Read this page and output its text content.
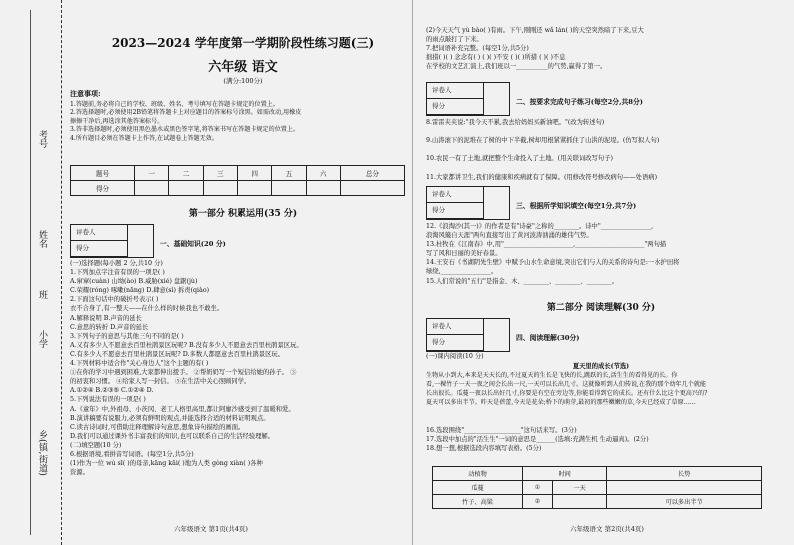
考号
姓名
班
小学
乡(镇,街道)
2023—2024 学年度第一学期阶段性练习题(三)
六年级 语文
(满分:100分)
注意事项:
1.答题前,务必将自己的学校、班级、姓名、考号填写在答题卡规定的位置上。
2.答选择题时,必须使用2B铅笔将答题卡上对应题目的答案标号涂黑。如需改动,用橡皮
擦擦干净后,再选涂其他答案标号。
3.答非选择题时,必须使用黑色墨水或黑色签字笔,将答案书写在答题卡规定的位置上。
4.所有题目必须在答题卡上作答,在试题卷上答题无效。
题号	一	二	三	四	五	六	总分
得分							
第一部分 积累运用(35 分)
评卷人
得分	一、基础知识(20 分)
(一)选择题(每小题 2 分,共10 分)
1.下列加点字注音有误的一项是( )
A.窜窜(cuàn) 山坳(ào) B.威胁(xié) 盘踞(jù)
C.荣耀(róng) 啄嗽(nāng) D.肆意(sì) 拆责(qiào)
2.下面这句话中的破折号表示( )
衣不合身了,有一整天——在什么样的时候我也不敢坐。
A.解释说明 B.声音的延长
C.意思的转折 D.声音的延长
3.下列句子的意思与其他三句不同的是( )
A.又有多少人不愿意去百里杜鹃景区玩呢? B.没有多少人不愿意去百里杜鹃景区玩。
C.有多少人不愿意去百里杜鹃景区玩呢? D.多数人都愿意去百里杜鹃景区玩。
4.下列材料中适合作"关心身边人"这个主题的有( )
①在你的学习中遇到困难,大家都伸出援手。 ②帮奶奶写一个短信给她的孙子。 ③
的初衷和习惯。 ④给家人写一封信。 ⑤在生活中关心照顾同学。
A.①②④ B.②③⑤ C.①②④ D.
5.下列说法有误的一项是( )
A.《童年》中,外祖母、小茨冈、老工人格里高里,都让阿廖沙感受到了温暖和爱。
B.演讲稿要有说服力,必须有鲜明的观点,并能选择合适的材料证明观点。
C.读古诗词时,可借助注释理解诗句意思,想象诗句描绘的画面。
D.我们可以通过课外书丰富我们的知识,也可以联系自己的生活经验理解。
(二)填空题(10 分)
6.根据语境,看拼音写词语。(每空1分,共5分)
(1)作为一位 wú sī( )的母亲,kāng kǎi( )地为人类 gòng xiàn( )各种
资源。
六年级语文 第1页(共4页)
(2)今天天气 yù bào( )有雨。下午,刚刚还 wǎ lán( )的天空突然暗了下来,豆大
的雨点敲打了下来。
7.把词语补充完整。(每空1分,共5分)
拙措( )( ) 念念有( ) ( )( )不安 ( )( )所措 ( )( )不息
在学校的文艺汇演上,我们班以一__________的气势,赢得了第一。
评卷人
得分	二、按要求完成句子练习(每空2分,共8分)
8.雷雷夹夹说:"我今天不累,我去给妈妈买新油吧。"(改为转述句)

9.山涛滚下的泥堆在了树的中下半截,树却用根紧紧抓住了山洪的泥堤。(仿写拟人句)

10.农民一有了土地,就把整个生命投入了土地。(用关联词改写句子)

11.大家都讲卫生,我们的健康和疾病就有了保障。(用修改符号修改病句——处语病)
评卷人
得分	三、根据所学知识填空(每空1分,共7分)
12.《浪淘沙(其一)》的作者是有"诗豪"之称的________。诗中"________________,
浪淘风簸自天涯"两句直接写出了黄河波涛汹涌的雄伟气势。
13.杜牧在《江南春》中,用"______________________,______________________"两句描
写了风和日丽的美好春景。
14.王安石《书湖阴先生壁》中赋予山水生命意境,突出它们与人的关系的诗句是:一水护田将
绿绕,________________。
15.人们常说的"五行"是指金、木、________、________、________。
第二部分 阅读理解(30 分)
评卷人
得分	四、阅读理解(30分)
(一)课内阅读(10 分)
夏天里的成长(节选)
生物从小到大,本来是天天长的,不过夏天的生长是飞快的长,跳跃的长,活生生的看得见的长。你
看,一棵竹子一天一夜之间会长出一尺,一天可以长出几寸。这就像听到人们传说,在我的那个幼年几个就能
长出很长。瓜蔓一夜以长出好几寸,你要是有空在旁边等,你能看得到它的成长。还有什么比这个更高兴的?
夏天可以多出半节。昨天是蓓蕾,今天是花朵;桥下的萌芽,最初的那些嫩嫩的草,今天已经成了草原……
16.选段围绕"__________________"这句话来写。(3分)
17.选段中加点的"活生生"一词的意思是______(选填:充满生机 生动逼真)。(2分)
18.想一想,根据选段内容填写表格。(5分)
动植物	时间		长势
瓜蔓	①	一天	
竹子、高粱	②		可以多出半节
六年级语文 第2页(共4页)
